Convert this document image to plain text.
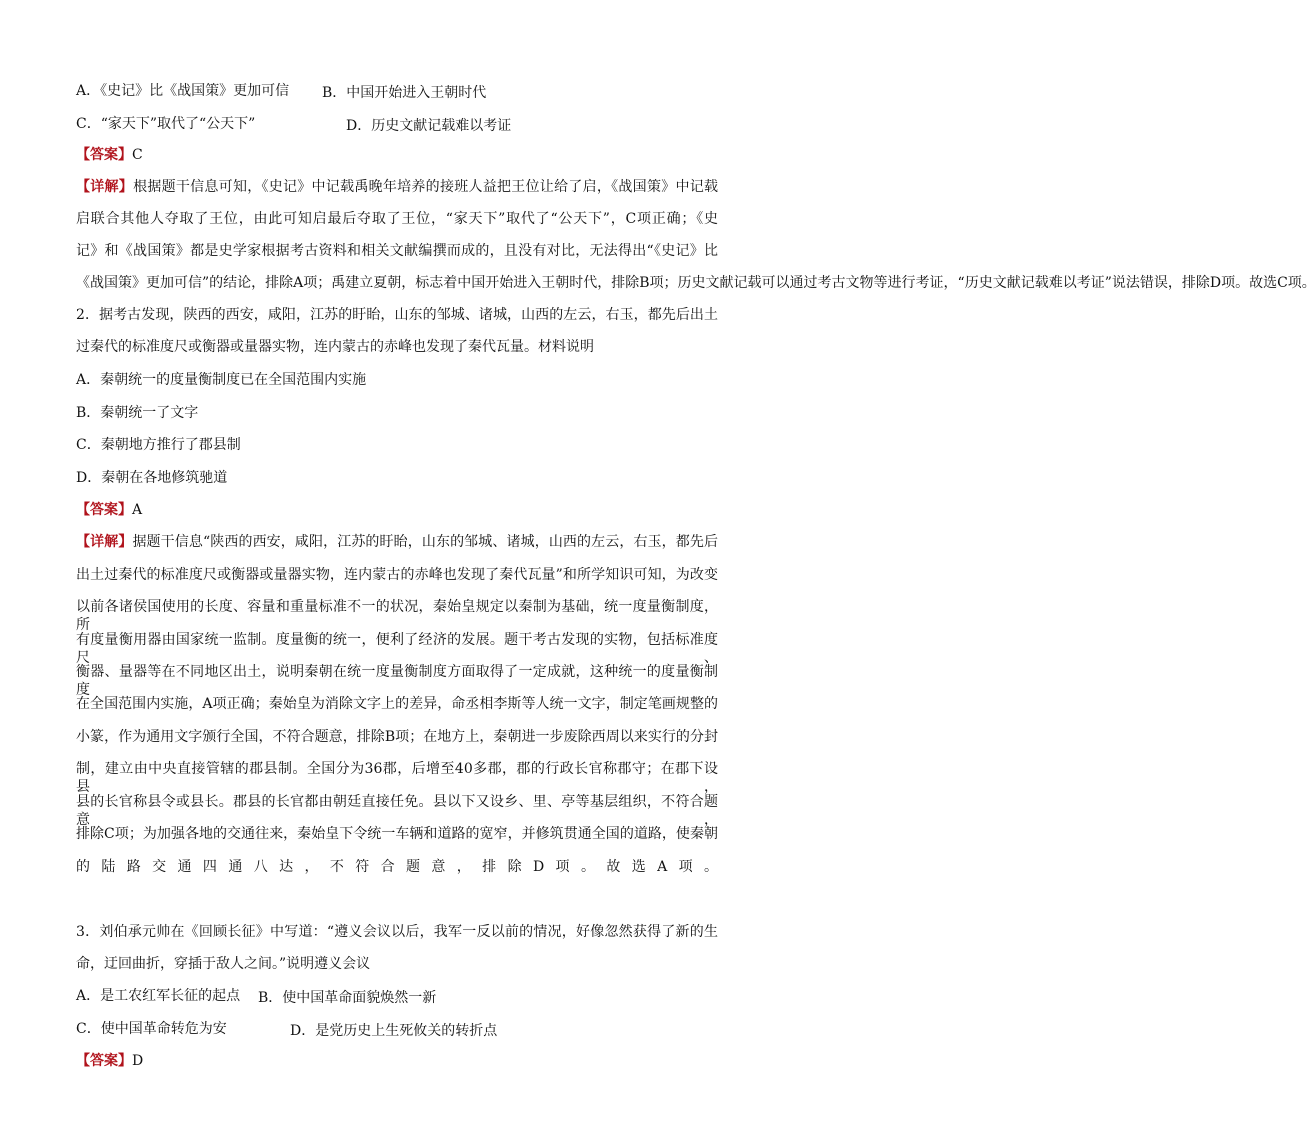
A．《史记》比《战国策》更加可信 B．中国开始进入王朝时代
C．“家天下”取代了“公天下”	D．历史文献记载难以考证
【答案】C
【详解】根据题干信息可知，《史记》中记载禹晚年培养的接班人益把王位让给了启，《战国策》中记载
启联合其他人夺取了王位，由此可知启最后夺取了王位，“家天下”取代了“公天下”，C项正确；《史
记》和《战国策》都是史学家根据考古资料和相关文献编撰而成的，且没有对比，无法得出“《史记》比
《战国策》更加可信”的结论，排除A项；禹建立夏朝，标志着中国开始进入王朝时代，排除B项；历史文献记载可以通过考古文物等进行考证，“历史文献记载难以考证”说法错误，排除D项。故选C项。
2．据考古发现，陕西的西安，咸阳，江苏的盱眙，山东的邹城、诸城，山西的左云，右玉，都先后出土
过秦代的标准度尺或衡器或量器实物，连内蒙古的赤峰也发现了秦代瓦量。材料说明
A．秦朝统一的度量衡制度已在全国范围内实施
B．秦朝统一了文字
C．秦朝地方推行了郡县制
D．秦朝在各地修筑驰道
【答案】A
【详解】据题干信息“陕西的西安，咸阳，江苏的盱眙，山东的邹城、诸城，山西的左云，右玉，都先后
出土过秦代的标准度尺或衡器或量器实物，连内蒙古的赤峰也发现了秦代瓦量”和所学知识可知，为改变
以前各诸侯国使用的长度、容量和重量标准不一的状况，秦始皇规定以秦制为基础，统一度量衡制度，所
有度量衡用器由国家统一监制。度量衡的统一，便利了经济的发展。题干考古发现的实物，包括标准度尺、
衡器、量器等在不同地区出土，说明秦朝在统一度量衡制度方面取得了一定成就，这种统一的度量衡制度
在全国范围内实施，A项正确；秦始皇为消除文字上的差异，命丞相李斯等人统一文字，制定笔画规整的
小篆，作为通用文字颁行全国，不符合题意，排除B项；在地方上，秦朝进一步废除西周以来实行的分封
制，建立由中央直接管辖的郡县制。全国分为36郡，后增至40多郡，郡的行政长官称郡守；在郡下设县，
县的长官称县令或县长。郡县的长官都由朝廷直接任免。县以下又设乡、里、亭等基层组织，不符合题意，
排除C项；为加强各地的交通往来，秦始皇下令统一车辆和道路的宽窄，并修筑贯通全国的道路，使秦朝
的陆路交通四通八达，不符合题意，排除D项。故选A项。
3．刘伯承元帅在《回顾长征》中写道：“遵义会议以后，我军一反以前的情况，好像忽然获得了新的生
命，迂回曲折，穿插于敌人之间。”说明遵义会议
A．是工农红军长征的起点 B．使中国革命面貌焕然一新
C．使中国革命转危为安	D．是党历史上生死攸关的转折点
【答案】D
